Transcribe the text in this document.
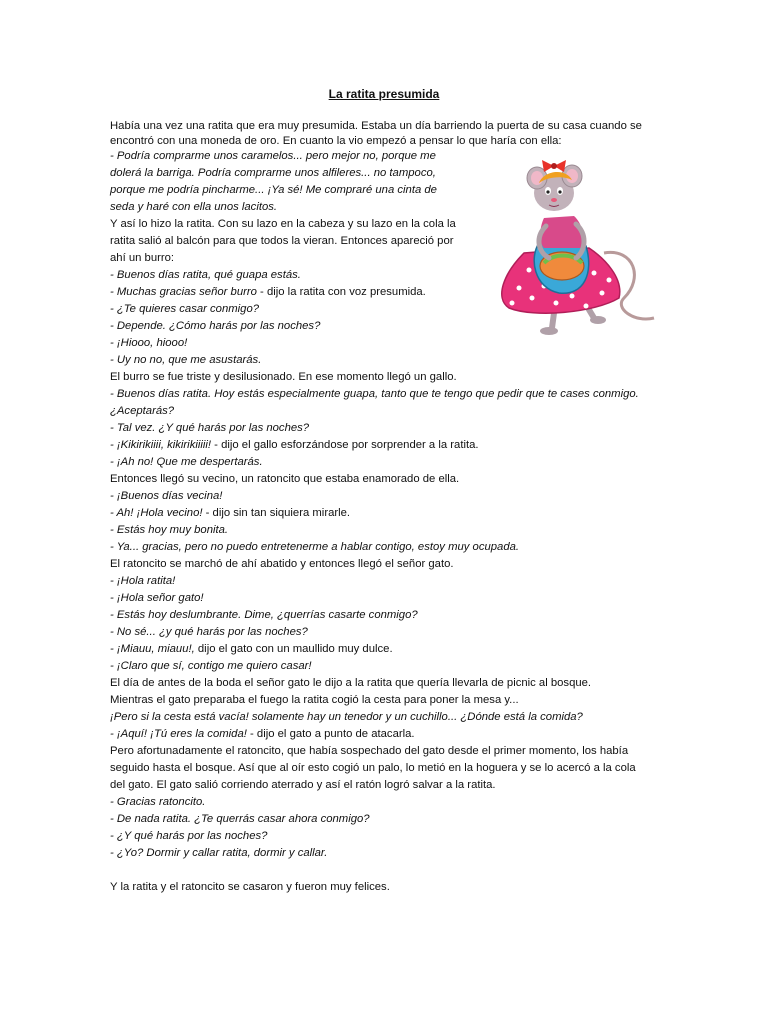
La ratita presumida
Había una vez una ratita que era muy presumida. Estaba un día barriendo la puerta de su casa cuando se
encontró con una moneda de oro. En cuanto la vio empezó a pensar lo que haría con ella:
- Podría comprarme unos caramelos... pero mejor no, porque me
dolerá la barriga. Podría comprarme unos alfileres... no tampoco,
porque me podría pincharme... ¡Ya sé! Me compraré una cinta de
seda y haré con ella unos lacitos.
Y así lo hizo la ratita. Con su lazo en la cabeza y su lazo en la cola la
ratita salió al balcón para que todos la vieran. Entonces apareció por
ahí un burro:
- Buenos días ratita, qué guapa estás.
- Muchas gracias señor burro - dijo la ratita con voz presumida.
- ¿Te quieres casar conmigo?
- Depende. ¿Cómo harás por las noches?
- ¡Hiooo, hiooo!
- Uy no no, que me asustarás.
El burro se fue triste y desilusionado. En ese momento llegó un gallo.
- Buenos días ratita. Hoy estás especialmente guapa, tanto que te tengo que pedir que te cases conmigo.
¿Aceptarás?
- Tal vez. ¿Y qué harás por las noches?
- ¡Kikirikiiii, kikirikiiiii! - dijo el gallo esforzándose por sorprender a la ratita.
- ¡Ah no! Que me despertarás.
Entonces llegó su vecino, un ratoncito que estaba enamorado de ella.
- ¡Buenos días vecina!
- Ah! ¡Hola vecino! - dijo sin tan siquiera mirarle.
- Estás hoy muy bonita.
- Ya... gracias, pero no puedo entretenerme a hablar contigo, estoy muy ocupada.
El ratoncito se marchó de ahí abatido y entonces llegó el señor gato.
- ¡Hola ratita!
- ¡Hola señor gato!
- Estás hoy deslumbrante. Dime, ¿querrías casarte conmigo?
- No sé... ¿y qué harás por las noches?
- ¡Miauu, miauu!, dijo el gato con un maullido muy dulce.
- ¡Claro que sí, contigo me quiero casar!
El día de antes de la boda el señor gato le dijo a la ratita que quería llevarla de picnic al bosque.
Mientras el gato preparaba el fuego la ratita cogió la cesta para poner la mesa y...
¡Pero si la cesta está vacía! solamente hay un tenedor y un cuchillo... ¿Dónde está la comida?
- ¡Aquí! ¡Tú eres la comida! - dijo el gato a punto de atacarla.
Pero afortunadamente el ratoncito, que había sospechado del gato desde el primer momento, los había
seguido hasta el bosque. Así que al oír esto cogió un palo, lo metió en la hoguera y se lo acercó a la cola
del gato. El gato salió corriendo aterrado y así el ratón logró salvar a la ratita.
- Gracias ratoncito.
- De nada ratita. ¿Te querrás casar ahora conmigo?
- ¿Y qué harás por las noches?
- ¿Yo? Dormir y callar ratita, dormir y callar.
Y la ratita y el ratoncito se casaron y fueron muy felices.
